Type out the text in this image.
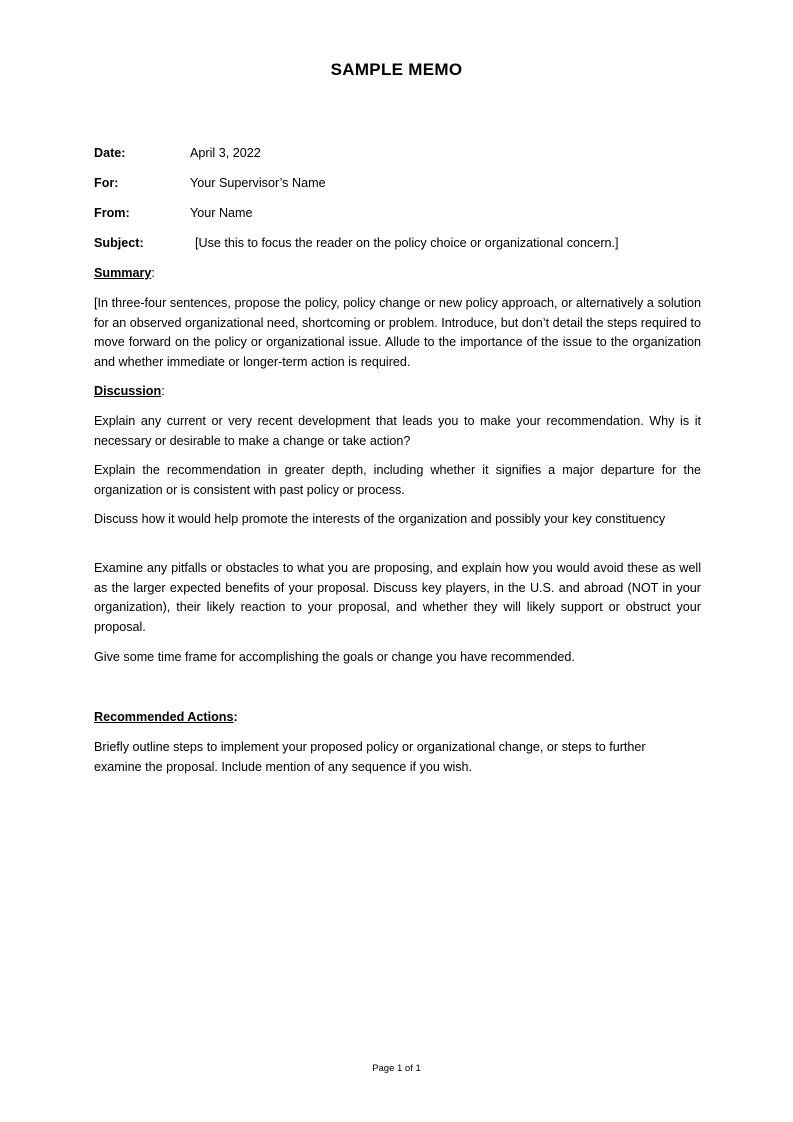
SAMPLE MEMO
Date:	April 3, 2022
For:	Your Supervisor’s Name
From:	Your Name
Subject:	[Use this to focus the reader on the policy choice or organizational concern.]
Summary:

[In three-four sentences, propose the policy, policy change or new policy approach, or alternatively a solution for an observed organizational need, shortcoming or problem. Introduce, but don’t detail the steps required to move forward on the policy or organizational issue. Allude to the importance of the issue to the organization and whether immediate or longer-term action is required.

Discussion:

Explain any current or very recent development that leads you to make your recommendation. Why is it necessary or desirable to make a change or take action?

Explain the recommendation in greater depth, including whether it signifies a major departure for the organization or is consistent with past policy or process.

Discuss how it would help promote the interests of the organization and possibly your key constituency

Examine any pitfalls or obstacles to what you are proposing, and explain how you would avoid these as well as the larger expected benefits of your proposal. Discuss key players, in the U.S. and abroad (NOT in your organization), their likely reaction to your proposal, and whether they will likely support or obstruct your proposal.

Give some time frame for accomplishing the goals or change you have recommended.

Recommended Actions:

Briefly outline steps to implement your proposed policy or organizational change, or steps to further examine the proposal. Include mention of any sequence if you wish.

Page 1 of 1
